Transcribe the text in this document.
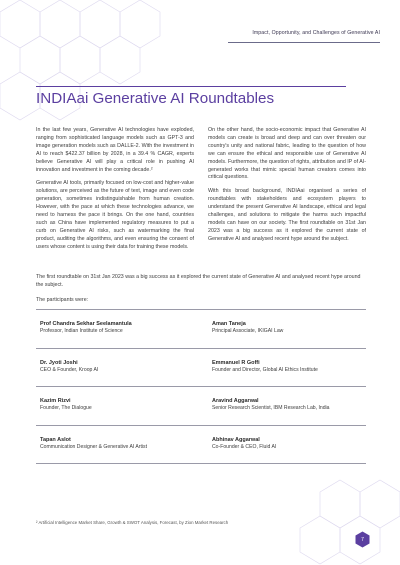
Impact, Opportunity, and Challenges of Generative AI
INDIAai Generative AI Roundtables

In the last few years, Generative AI technologies have exploded, ranging from sophisticated language models such as GPT-3 and image generation models such as DALLE-2. With the investment in AI to reach $422.37 billion by 2028, in a 39.4 % CAGR, experts believe Generative AI will play a critical role in pushing AI innovation and investment in the coming decade.²

Generative AI tools, primarily focused on low-cost and higher-value solutions, are perceived as the future of text, image and even code generation, sometimes indistinguishable from human creation. However, with the pace at which these technologies advance, we need to harness the pace it brings. On the one hand, countries such as China have implemented regulatory measures to put a curb on Generative AI risks, such as watermarking the final product, auditing the algorithms, and even ensuring the consent of users whose content is using their data for training these models.

On the other hand, the socio-economic impact that Generative AI models can create is broad and deep and can over threaten our country's unity and national fabric, leading to the question of how we can ensure the ethical and responsible use of Generative AI models. Furthermore, the question of rights, attribution and IP of AI-generated works that mimic special human creators comes into critical questions.

With this broad background, INDIAai organised a series of roundtables with stakeholders and ecosystem players to understand the present Generative AI landscape, ethical and legal challenges, and solutions to mitigate the harms such impactful models can have on our society. The first roundtable on 31st Jan 2023 was a big success as it explored the current state of Generative AI and analysed recent hype around the subject.

The first roundtable on 31st Jan 2023 was a big success as it explored the current state of Generative AI and analysed recent hype around the subject.
The participants were:
Prof Chandra Sekhar Seelamantula
Professor, Indian Institute of Science
Aman Taneja
Principal Associate, IKIGAI Law
Dr. Jyoti Joshi
CEO & Founder, Kroop AI
Emmanuel R Goffi
Founder and Director, Global AI Ethics Institute
Kazim Rizvi
Founder, The Dialogue
Aravind Aggarwal
Senior Research Scientist, IBM Research Lab, India
Tapan Aslot
Communication Designer & Generative AI Artist
Abhinav Aggarwal
Co-Founder & CEO, Fluid AI
² Artificial Intelligence Market Share, Growth & SWOT Analysis, Forecast, by Zion Market Research
7
